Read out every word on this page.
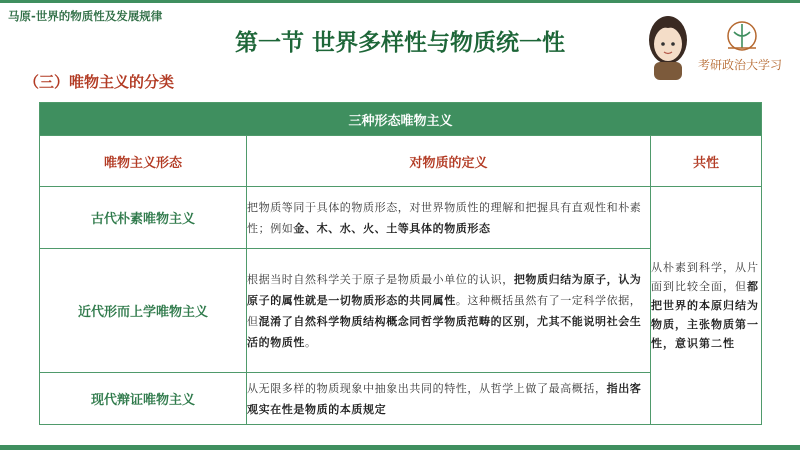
马原-世界的物质性及发展规律
第一节 世界多样性与物质统一性
（三）唯物主义的分类
考研政治大学习
三种形态唯物主义		
唯物主义形态	对物质的定义	共性
古代朴素唯物主义	把物质等同于具体的物质形态，对世界物质性的理解和把握具有直观性和朴素性；例如金、木、水、火、土等具体的物质形态	从朴素到科学，从片面到比较全面，但都把世界的本原归结为物质，主张物质第一性，意识第二性
近代形而上学唯物主义	根据当时自然科学关于原子是物质最小单位的认识，把物质归结为原子，认为原子的属性就是一切物质形态的共同属性。这种概括虽然有了一定科学依据，但混淆了自然科学物质结构概念同哲学物质范畴的区别，尤其不能说明社会生活的物质性。	
现代辩证唯物主义	从无限多样的物质现象中抽象出共同的特性，从哲学上做了最高概括，指出客观实在性是物质的本质规定	
